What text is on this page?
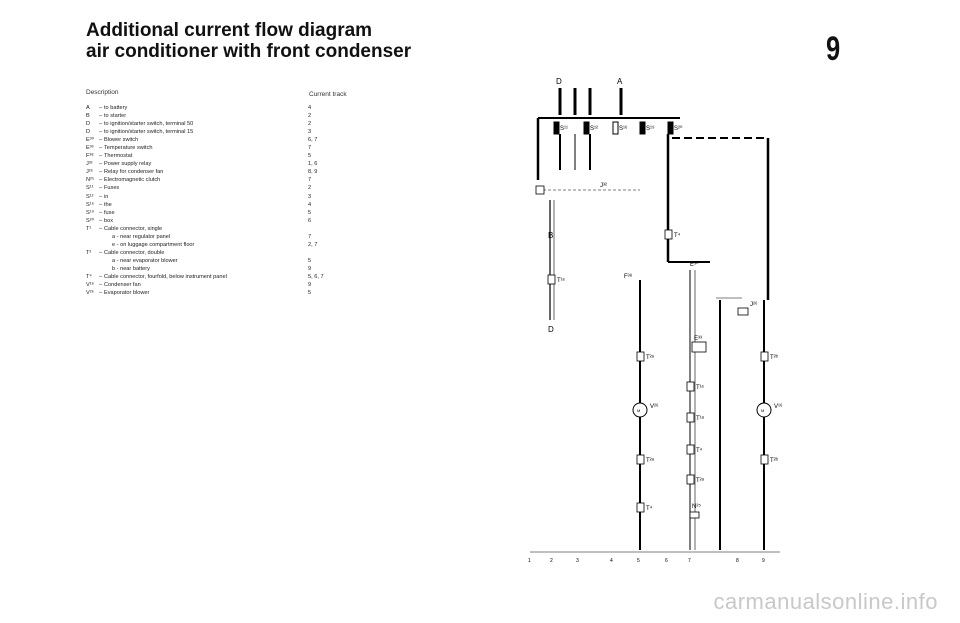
Additional current flow diagram
air conditioner with front condenser	9
Description	Current track
A	– to battery	4
B	– to starter	2
D	– to ignition/starter switch, terminal 50	2
D	– to ignition/starter switch, terminal 15	3
E³⁰ – Blower switch	6, 7
E³³ – Temperature switch	7
F³⁸ – Thermostat	5
J³²	– Power supply relay	1, 6
J²⁶	– Relay for condenser fan	8, 9
N²⁵ – Electromagnetic clutch	7
S¹¹ – Fuses	2
S¹² – in	3
S¹⁶ – the	4
S¹⁹ – fuse	5
S²⁰ – box	6
T¹	– Cable connector, single
a - near regulator panel	7
e - on luggage compartment floor	2, 7
T²	– Cable connector, double
a - near evaporator blower	5
b - near battery	9
T⁴	– Cable connector, fourfold, below instrument panel	5, 6, 7
V¹⁶ – Condenser fan	9
V²⁶ – Evaporator blower	5
D	A
B
D
S¹¹	S¹²	S¹⁶	S¹⁹	S²⁰
J³²
J²⁶
F³⁸
E³⁰
E³³
T¹ᵉ
T⁴
T²ᵃ
T²ᵃ
T⁴
T¹ᵉ
T¹ᵃ
T⁴
T²ᵃ
T²ᵇ
T²ᵇ
V²⁶	V¹⁶
N²⁵
M	M
1	2	3	4	5	6	7	8	9
carmanualsonline.info
